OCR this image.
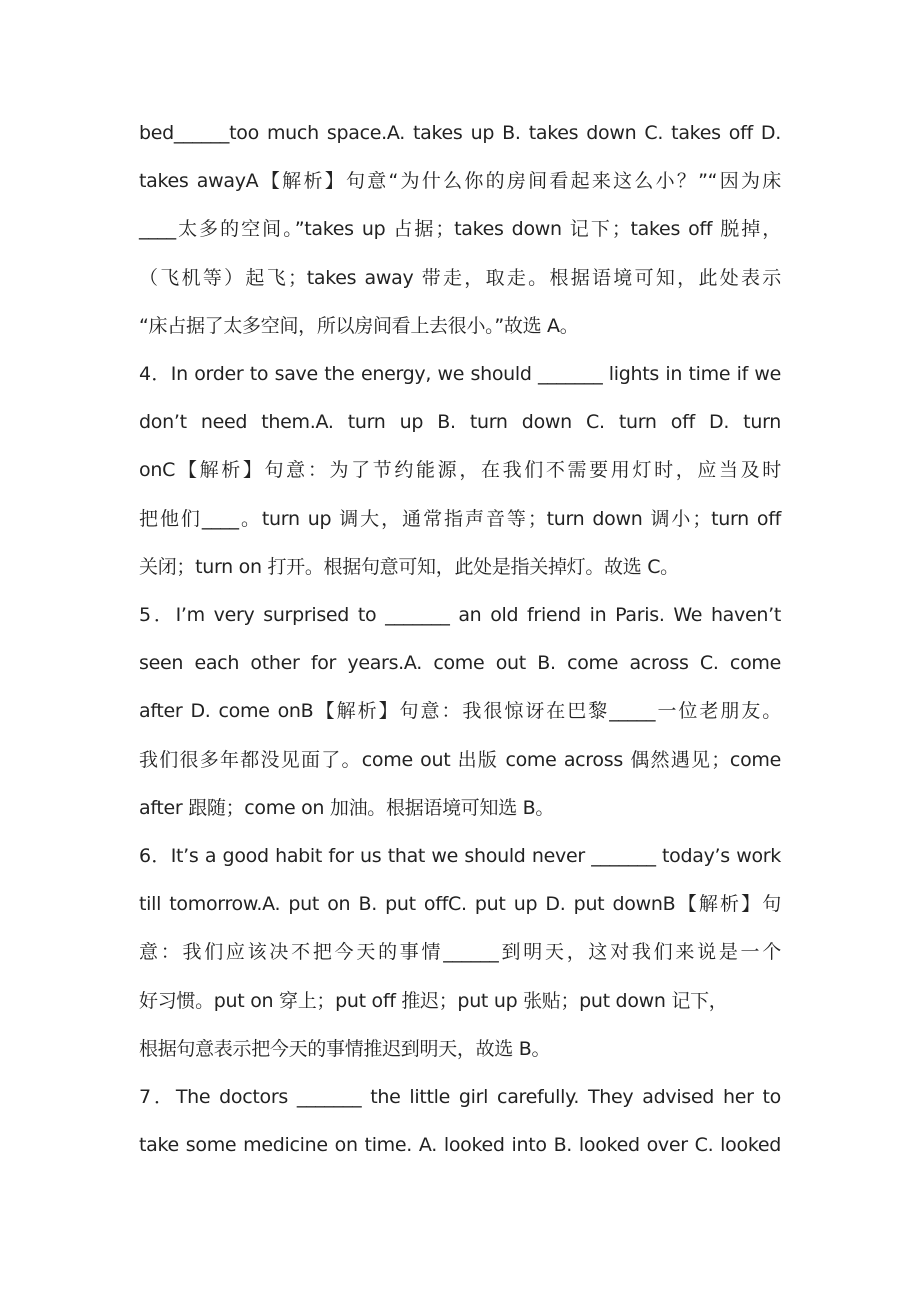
bed______too much space.A. takes up B. takes down C. takes off D.
takes awayA【解析】句意“为什么你的房间看起来这么小？”“因为床
____太多的空间。”takes up 占据；takes down 记下；takes off 脱掉，
（飞机等）起飞；takes away 带走，取走。根据语境可知，此处表示
“床占据了太多空间，所以房间看上去很小。”故选 A。
4．In order to save the energy, we should _______ lights in time if we
don’t need them.A. turn up B. turn down C. turn off D. turn
onC【解析】句意：为了节约能源，在我们不需要用灯时，应当及时
把他们____。turn up 调大，通常指声音等；turn down 调小；turn off
关闭；turn on 打开。根据句意可知，此处是指关掉灯。故选 C。
5．I’m very surprised to _______ an old friend in Paris. We haven’t
seen each other for years.A. come out B. come across C. come
after D. come onB【解析】句意：我很惊讶在巴黎_____一位老朋友。
我们很多年都没见面了。come out 出版 come across 偶然遇见；come
after 跟随；come on 加油。根据语境可知选 B。
6．It’s a good habit for us that we should never _______ today’s work
till tomorrow.A. put on B. put offC. put up D. put downB【解析】句
意：我们应该决不把今天的事情______到明天，这对我们来说是一个
好习惯。put on 穿上；put off 推迟；put up 张贴；put down 记下，
根据句意表示把今天的事情推迟到明天，故选 B。
7．The doctors _______ the little girl carefully. They advised her to
take some medicine on time. A. looked into B. looked over C. looked
